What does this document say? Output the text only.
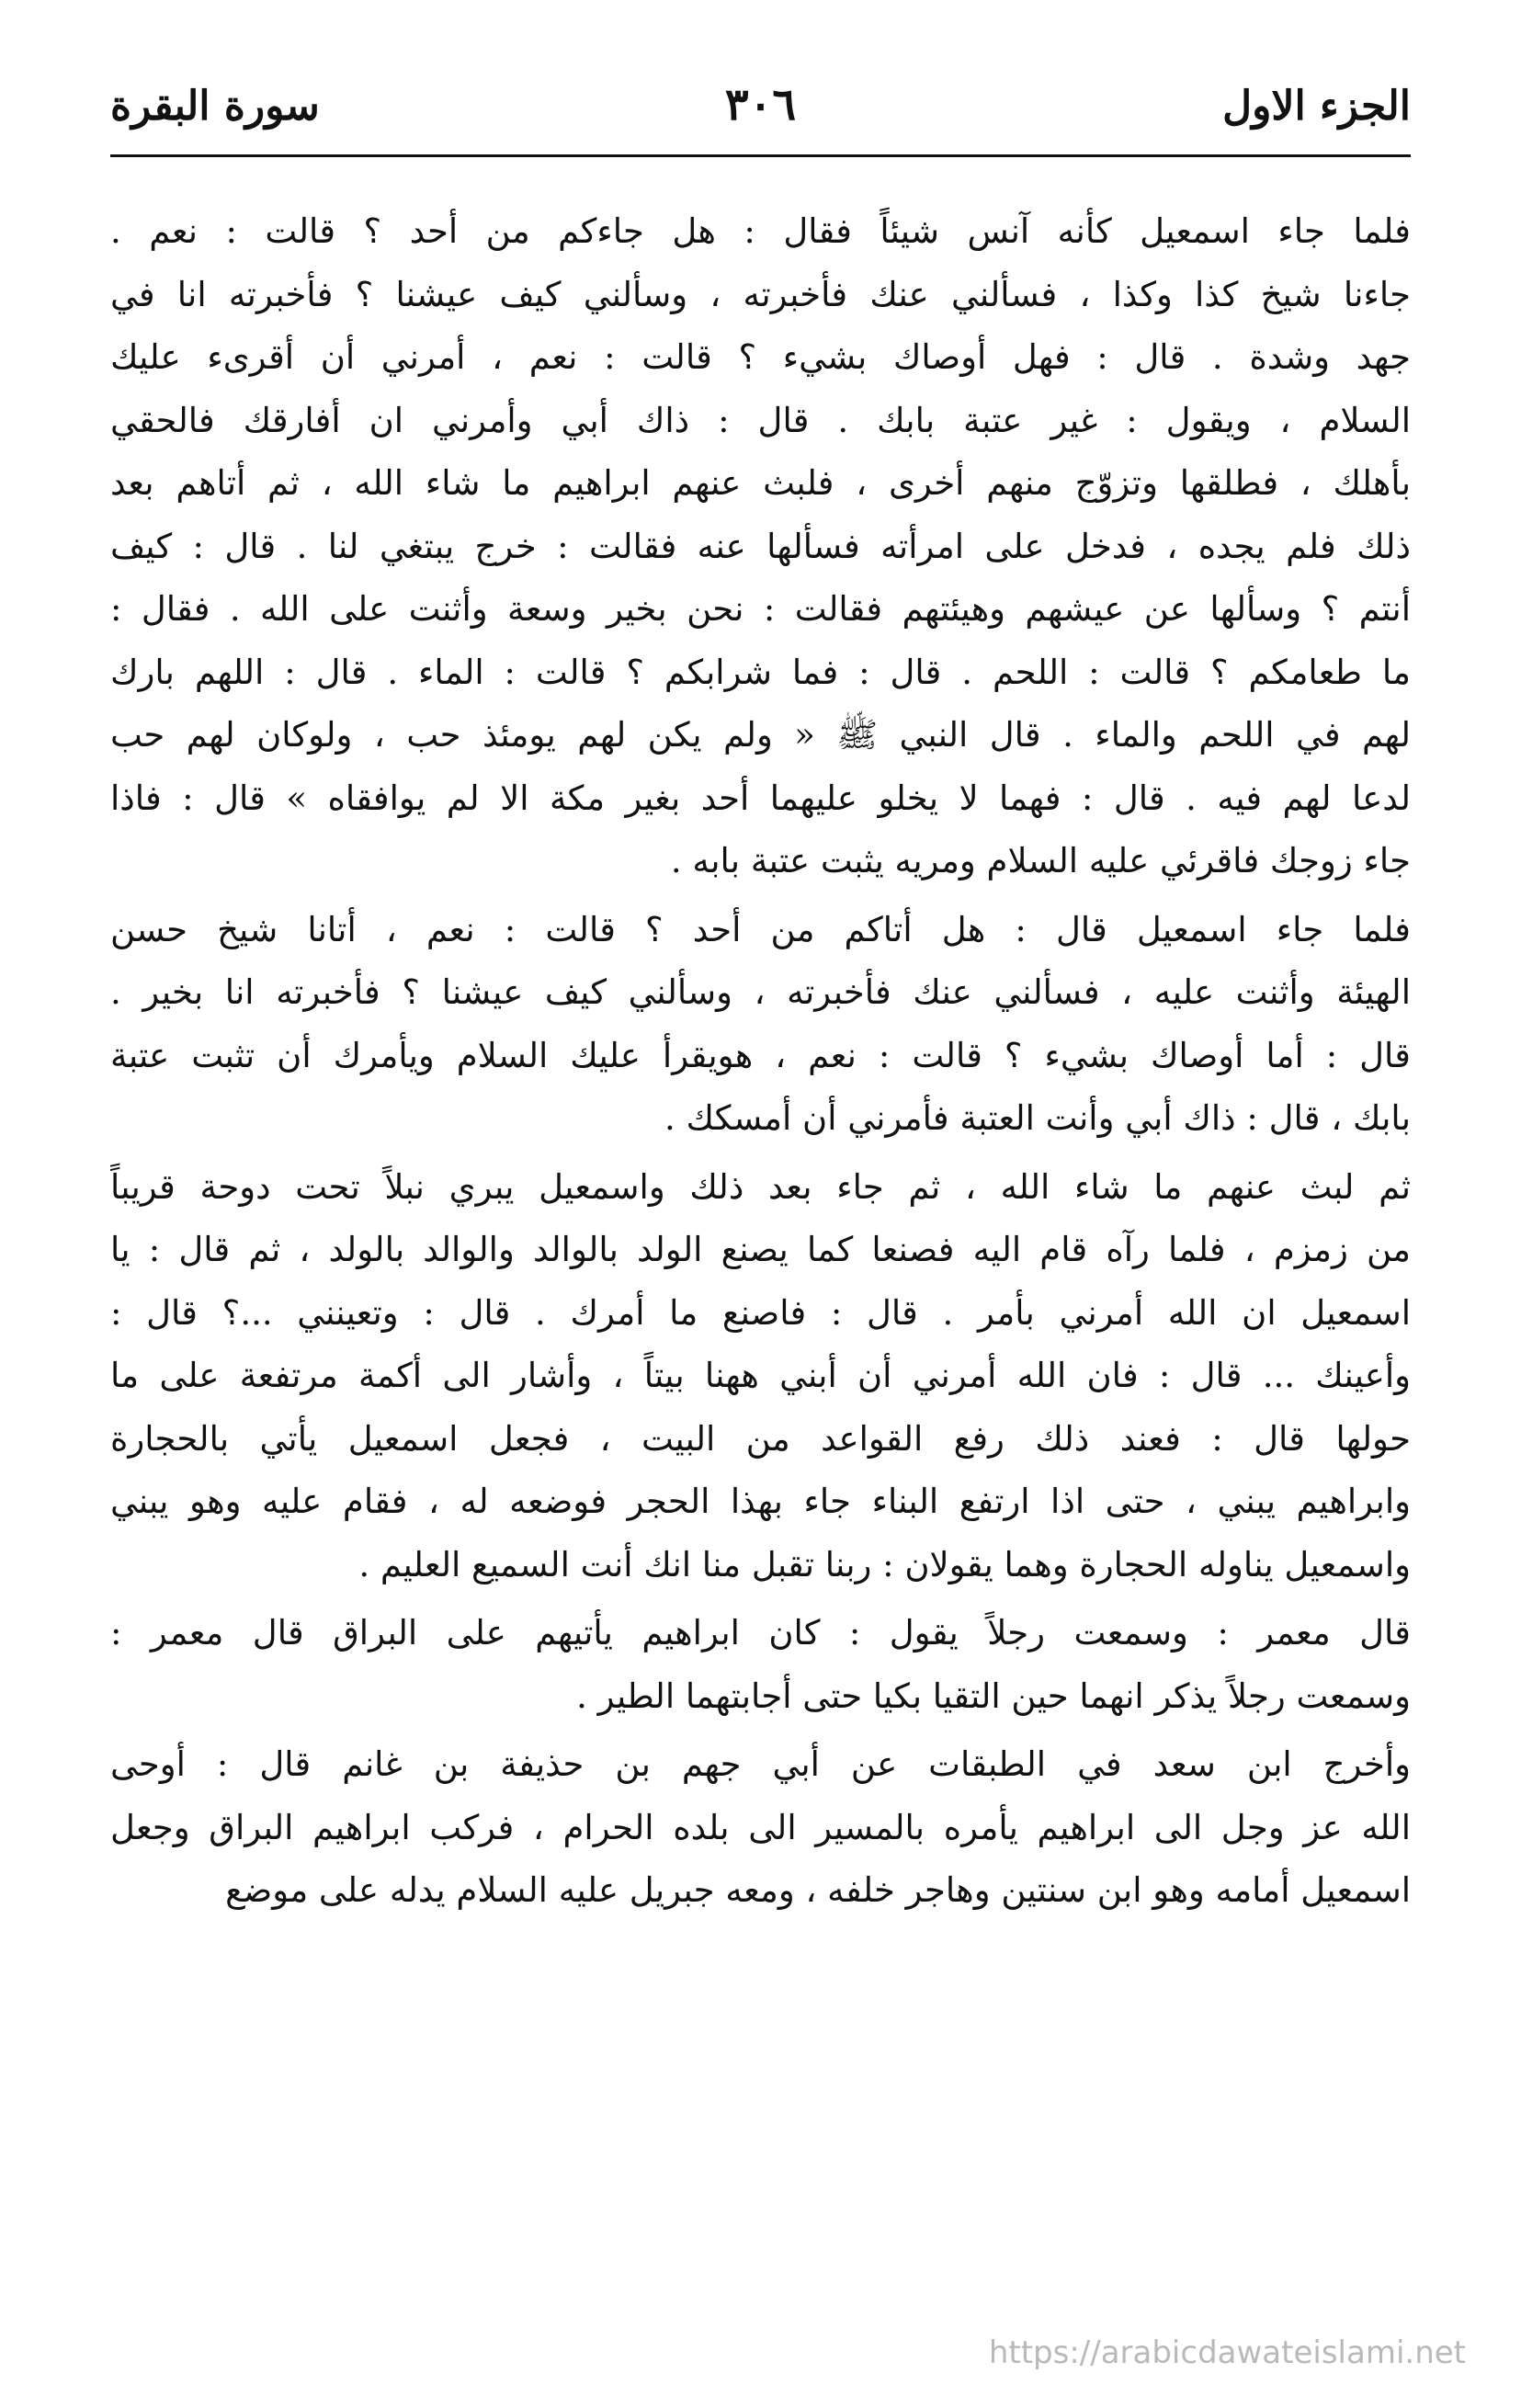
سورة البقرة	٣٠٦	الجزء الاول
فلما جاء اسمعيل كأنه آنس شيئاً فقال : هل جاءكم من أحد ؟ قالت : نعم .
جاءنا شيخ كذا وكذا ، فسألني عنك فأخبرته ، وسألني كيف عيشنا ؟ فأخبرته انا في
جهد وشدة . قال : فهل أوصاك بشيء ؟ قالت : نعم ، أمرني أن أقرىء عليك
السلام ، ويقول : غير عتبة بابك . قال : ذاك أبي وأمرني ان أفارقك فالحقي
بأهلك ، فطلقها وتزوّج منهم أخرى ، فلبث عنهم ابراهيم ما شاء الله ، ثم أتاهم بعد
ذلك فلم يجده ، فدخل على امرأته فسألها عنه فقالت : خرج يبتغي لنا . قال : كيف
أنتم ؟ وسألها عن عيشهم وهيئتهم فقالت : نحن بخير وسعة وأثنت على الله . فقال :
ما طعامكم ؟ قالت : اللحم . قال : فما شرابكم ؟ قالت : الماء . قال : اللهم بارك
لهم في اللحم والماء . قال النبي ﷺ « ولم يكن لهم يومئذ حب ، ولوكان لهم حب
لدعا لهم فيه . قال : فهما لا يخلو عليهما أحد بغير مكة الا لم يوافقاه » قال : فاذا
جاء زوجك فاقرئي عليه السلام ومريه يثبت عتبة بابه .
فلما جاء اسمعيل قال : هل أتاكم من أحد ؟ قالت : نعم ، أتانا شيخ حسن
الهيئة وأثنت عليه ، فسألني عنك فأخبرته ، وسألني كيف عيشنا ؟ فأخبرته انا بخير .
قال : أما أوصاك بشيء ؟ قالت : نعم ، هويقرأ عليك السلام ويأمرك أن تثبت عتبة
بابك ، قال : ذاك أبي وأنت العتبة فأمرني أن أمسكك .
ثم لبث عنهم ما شاء الله ، ثم جاء بعد ذلك واسمعيل يبري نبلاً تحت دوحة قريباً
من زمزم ، فلما رآه قام اليه فصنعا كما يصنع الولد بالوالد والوالد بالولد ، ثم قال : يا
اسمعيل ان الله أمرني بأمر . قال : فاصنع ما أمرك . قال : وتعينني ...؟ قال :
وأعينك ... قال : فان الله أمرني أن أبني ههنا بيتاً ، وأشار الى أكمة مرتفعة على ما
حولها قال : فعند ذلك رفع القواعد من البيت ، فجعل اسمعيل يأتي بالحجارة
وابراهيم يبني ، حتى اذا ارتفع البناء جاء بهذا الحجر فوضعه له ، فقام عليه وهو يبني
واسمعيل يناوله الحجارة وهما يقولان : ربنا تقبل منا انك أنت السميع العليم .
قال معمر : وسمعت رجلاً يقول : كان ابراهيم يأتيهم على البراق قال معمر :
وسمعت رجلاً يذكر انهما حين التقيا بكيا حتى أجابتهما الطير .
وأخرج ابن سعد في الطبقات عن أبي جهم بن حذيفة بن غانم قال : أوحى
الله عز وجل الى ابراهيم يأمره بالمسير الى بلده الحرام ، فركب ابراهيم البراق وجعل
اسمعيل أمامه وهو ابن سنتين وهاجر خلفه ، ومعه جبريل عليه السلام يدله على موضع
https://arabicdawateislami.net
